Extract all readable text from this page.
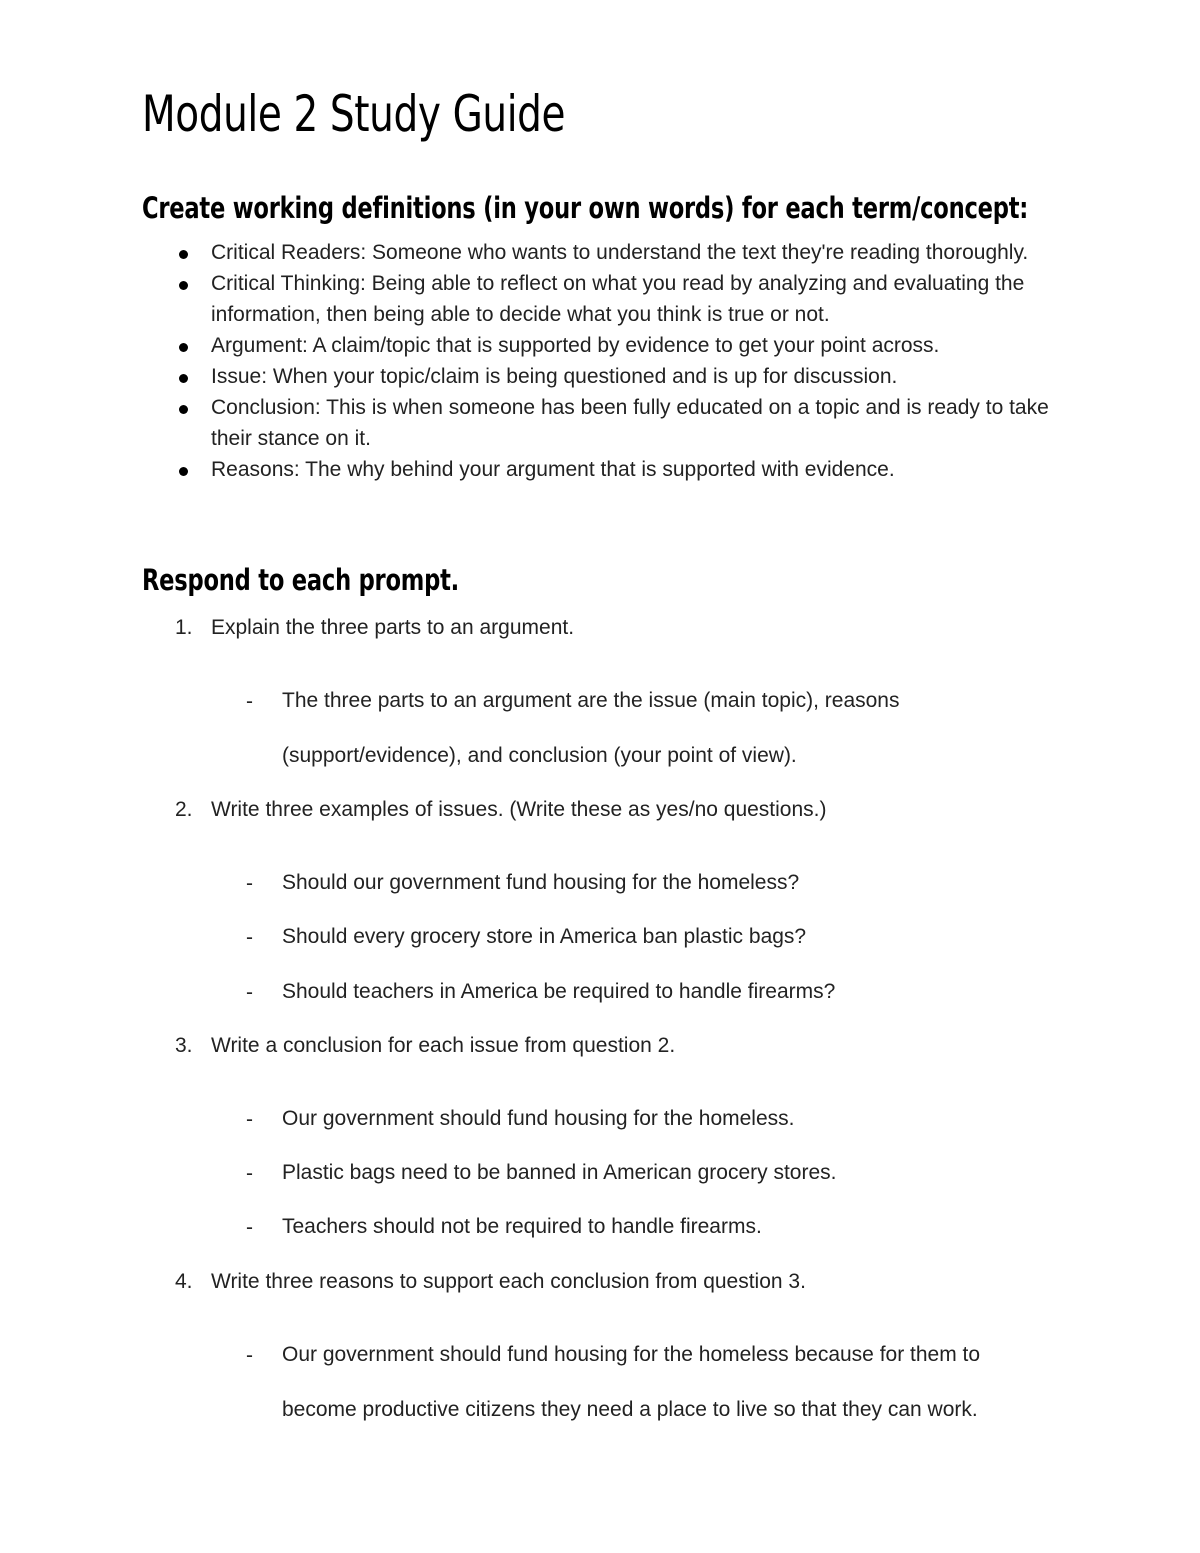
Module 2 Study Guide
Create working definitions (in your own words) for each term/concept:
Critical Readers: Someone who wants to understand the text they're reading thoroughly.
Critical Thinking: Being able to reflect on what you read by analyzing and evaluating the information, then being able to decide what you think is true or not.
Argument: A claim/topic that is supported by evidence to get your point across.
Issue: When your topic/claim is being questioned and is up for discussion.
Conclusion: This is when someone has been fully educated on a topic and is ready to take their stance on it.
Reasons: The why behind your argument that is supported with evidence.
Respond to each prompt.
1. Explain the three parts to an argument.
- The three parts to an argument are the issue (main topic), reasons (support/evidence), and conclusion (your point of view).
2. Write three examples of issues. (Write these as yes/no questions.)
- Should our government fund housing for the homeless?
- Should every grocery store in America ban plastic bags?
- Should teachers in America be required to handle firearms?
3. Write a conclusion for each issue from question 2.
- Our government should fund housing for the homeless.
- Plastic bags need to be banned in American grocery stores.
- Teachers should not be required to handle firearms.
4. Write three reasons to support each conclusion from question 3.
- Our government should fund housing for the homeless because for them to become productive citizens they need a place to live so that they can work.
